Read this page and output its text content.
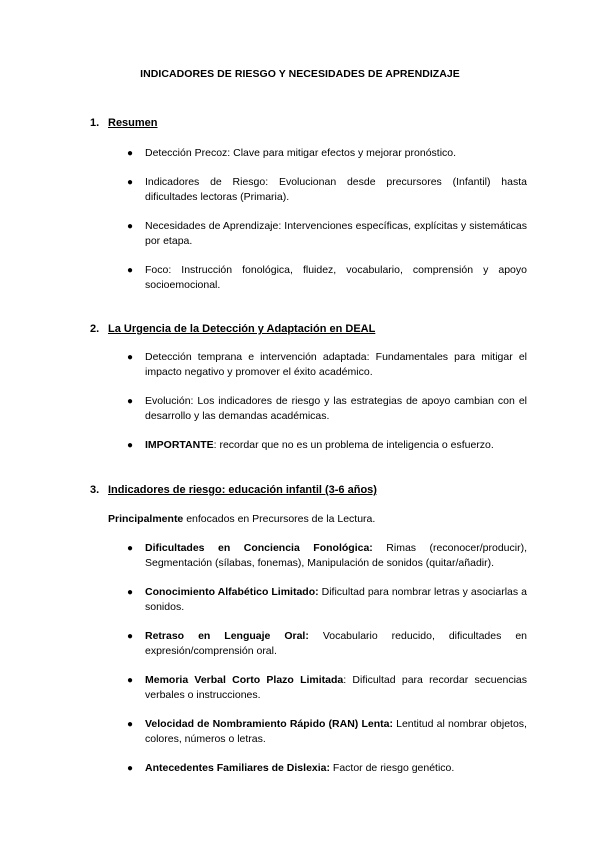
INDICADORES DE RIESGO Y NECESIDADES DE APRENDIZAJE
1. Resumen
● Detección Precoz: Clave para mitigar efectos y mejorar pronóstico.
● Indicadores de Riesgo: Evolucionan desde precursores (Infantil) hasta dificultades lectoras (Primaria).
● Necesidades de Aprendizaje: Intervenciones específicas, explícitas y sistemáticas por etapa.
● Foco: Instrucción fonológica, fluidez, vocabulario, comprensión y apoyo socioemocional.
2. La Urgencia de la Detección y Adaptación en DEAL
● Detección temprana e intervención adaptada: Fundamentales para mitigar el impacto negativo y promover el éxito académico.
● Evolución: Los indicadores de riesgo y las estrategias de apoyo cambian con el desarrollo y las demandas académicas.
● IMPORTANTE: recordar que no es un problema de inteligencia o esfuerzo.
3. Indicadores de riesgo: educación infantil (3-6 años)
Principalmente enfocados en Precursores de la Lectura.
● Dificultades en Conciencia Fonológica: Rimas (reconocer/producir), Segmentación (sílabas, fonemas), Manipulación de sonidos (quitar/añadir).
● Conocimiento Alfabético Limitado: Dificultad para nombrar letras y asociarlas a sonidos.
● Retraso en Lenguaje Oral: Vocabulario reducido, dificultades en expresión/comprensión oral.
● Memoria Verbal Corto Plazo Limitada: Dificultad para recordar secuencias verbales o instrucciones.
● Velocidad de Nombramiento Rápido (RAN) Lenta: Lentitud al nombrar objetos, colores, números o letras.
● Antecedentes Familiares de Dislexia: Factor de riesgo genético.
